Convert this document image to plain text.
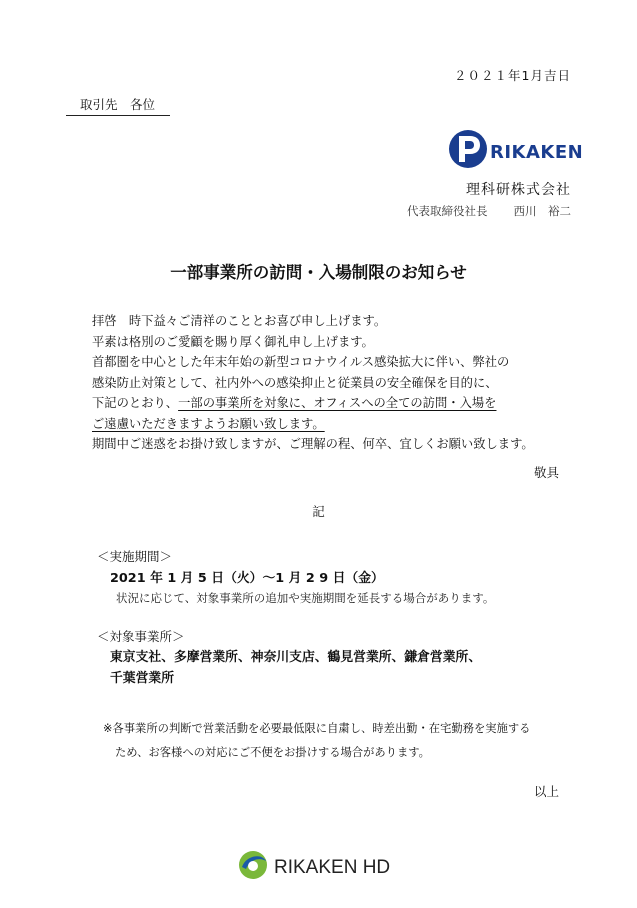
２０２１年1月吉日
取引先　各位
RIKAKEN
理科研株式会社
代表取締役社長 西川　裕二
一部事業所の訪問・入場制限のお知らせ
拝啓　時下益々ご清祥のこととお喜び申し上げます。
平素は格別のご愛顧を賜り厚く御礼申し上げます。
首都圏を中心とした年末年始の新型コロナウイルス感染拡大に伴い、弊社の
感染防止対策として、社内外への感染抑止と従業員の安全確保を目的に、
下記のとおり、一部の事業所を対象に、オフィスへの全ての訪問・入場を
ご遠慮いただきますようお願い致します。
期間中ご迷惑をお掛け致しますが、ご理解の程、何卒、宜しくお願い致します。
敬具
記
＜実施期間＞
2021 年 1 月 5 日（火）～1 月 2 9 日（金）
状況に応じて、対象事業所の追加や実施期間を延長する場合があります。
＜対象事業所＞
東京支社、多摩営業所、神奈川支店、鶴見営業所、鎌倉営業所、
千葉営業所
※各事業所の判断で営業活動を必要最低限に自粛し、時差出勤・在宅勤務を実施する
ため、お客様への対応にご不便をお掛けする場合があります。
以上
RIKAKEN HD
